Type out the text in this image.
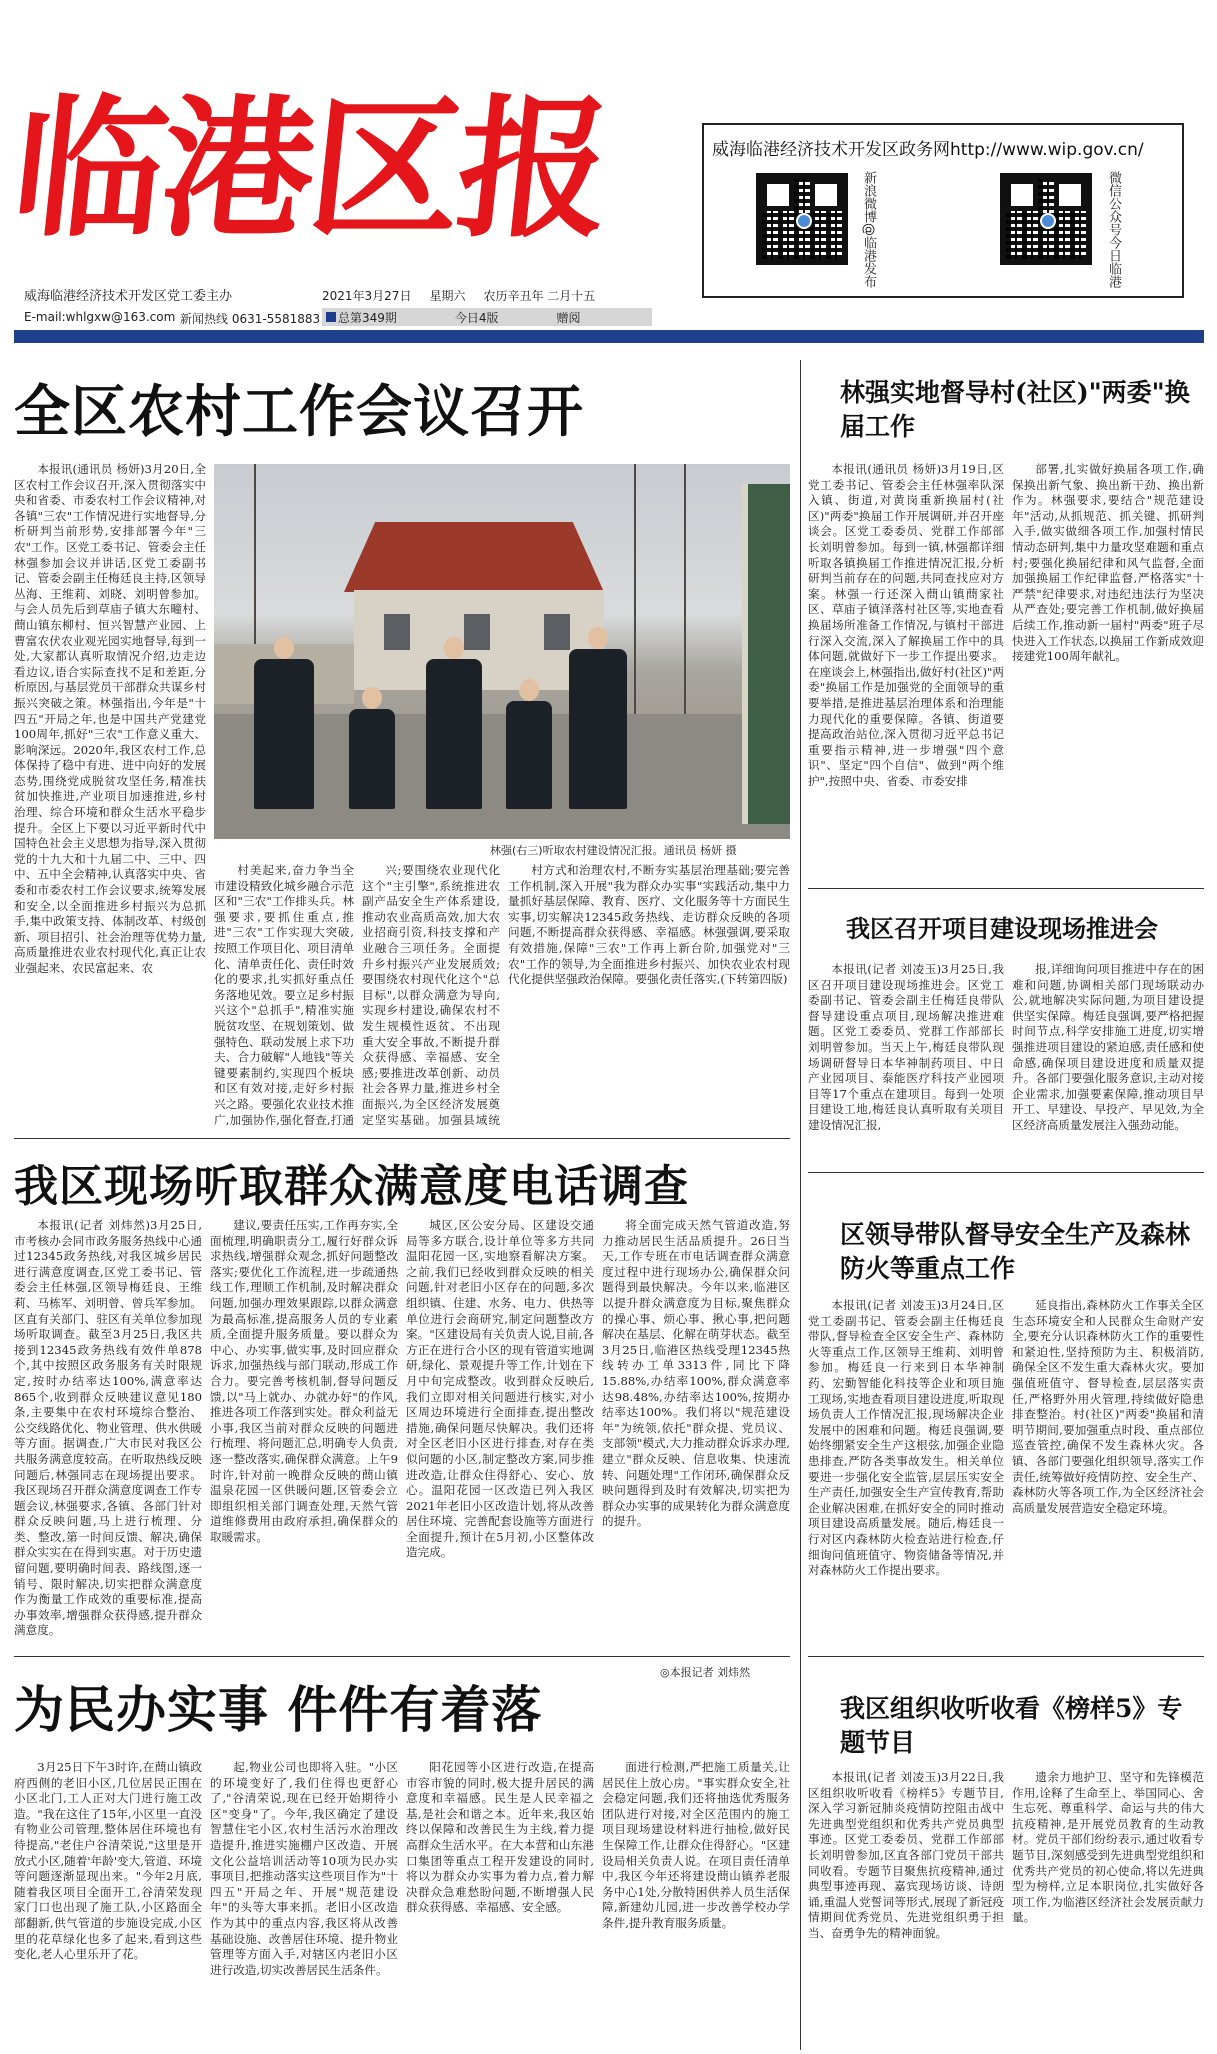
临港区报
威海临港经济技术开发区党工委主办
E-mail:whlgxw@163.com 新闻热线 0631-5581883
2021年3月27日 星期六 农历辛丑年 二月十五
总第349期	今日4版	赠阅
威海临港经济技术开发区政务网http://www.wip.gov.cn/
新浪微博@临港发布	微信公众号今日临港
全区农村工作会议召开
本报讯(通讯员 杨妍)3月20日,全区农村工作会议召开,深入贯彻落实中央和省委、市委农村工作会议精神,对各镇"三农"工作情况进行实地督导,分析研判当前形势,安排部署今年"三农"工作。区党工委书记、管委会主任林强参加会议并讲话,区党工委副书记、管委会副主任梅廷良主持,区领导丛海、王维莉、刘晓、刘明曾参加。与会人员先后到草庙子镇大东疃村、蔄山镇东柳村、恒兴智慧产业园、上曹富农伏农业观光园实地督导,每到一处,大家都认真听取情况介绍,边走边看边议,语合实际查找不足和差距,分析原因,与基层党员干部群众共谋乡村振兴突破之策。林强指出,今年是"十四五"开局之年,也是中国共产党建党100周年,抓好"三农"工作意义重大、影响深远。2020年,我区农村工作,总体保持了稳中有进、进中向好的发展态势,围绕党成脱贫攻坚任务,精准扶贫加快推进,产业项目加速推进,乡村治理、综合环境和群众生活水平稳步提升。全区上下要以习近平新时代中国特色社会主义思想为指导,深入贯彻党的十九大和十九届二中、三中、四中、五中全会精神,认真落实中央、省委和市委农村工作会议要求,统筹发展和安全,以全面推进乡村振兴为总抓手,集中政策支持、体制改革、村级创新、项目招引、社会治理等优势力量,高质量推进农业农村现代化,真正让农业强起来、农民富起来、农
林强(右三)听取农村建设情况汇报。通讯员 杨妍 摄
村美起来,奋力争当全市建设精致化城乡融合示范区和"三农"工作排头兵。林强要求,要抓住重点,推进"三农"工作实现大突破,按照工作项目化、项目清单化、清单责任化、责任时效化的要求,扎实抓好重点任务落地见效。要立足乡村振兴这个"总抓手",精准实施脱贫攻坚、在规划策划、做强特色、联动发展上求下功夫、合力破解"人地钱"等关键要素制约,实现四个板块和区有效对接,走好乡村振兴之路。要强化农业技术推广,加强协作,强化督查,打通
兴;要围绕农业现代化这个"主引擎",系统推进农副产品安全生产体系建设,推动农业高质高效,加大农业招商引资,科技支撑和产业融合三项任务。全面提升乡村振兴产业发展质效;要围绕农村现代化这个"总目标",以群众满意为导向,实现乡村建设,确保农村不发生规模性返贫、不出现重大安全事故,不断提升群众获得感、幸福感、安全感;要推进改革创新、动员社会各界力量,推进乡村全面振兴,为全区经济发展奠定坚实基础。加强县域统
村方式和治理农村,不断夯实基层治理基础;要完善工作机制,深入开展"我为群众办实事"实践活动,集中力量抓好基层保障、教育、医疗、文化服务等十方面民生实事,切实解决12345政务热线、走访群众反映的各项问题,不断提高群众获得感、幸福感。林强强调,要采取有效措施,保障"三农"工作再上新台阶,加强党对"三农"工作的领导,为全面推进乡村振兴、加快农业农村现代化提供坚强政治保障。要强化责任落实,(下转第四版)
我区现场听取群众满意度电话调查
本报讯(记者 刘炜然)3月25日,市考核办会同市政务服务热线中心通过12345政务热线,对我区城乡居民进行满意度调查,区党工委书记、管委会主任林强,区领导梅廷良、王维莉、马栋军、刘明曾、曾兵军参加。区直有关部门、驻区有关单位参加现场听取调查。截至3月25日,我区共接到12345政务热线有效件单878个,其中按照区政务服务有关时限规定,按时办结率达100%,满意率达865个,收到群众反映建议意见180条,主要集中在农村环境综合整治、公交线路优化、物业管理、供水供暖等方面。据调查,广大市民对我区公共服务满意度较高。在听取热线反映问题后,林强同志在现场提出要求。我区现场召开群众满意度调查工作专题会议,林强要求,各镇、各部门针对群众反映问题,马上进行梳理、分类、整改,第一时间反馈、解决,确保群众实实在在得到实惠。对于历史遗留问题,要明确时间表、路线图,逐一销号、限时解决,切实把群众满意度作为衡量工作成效的重要标准,提高办事效率,增强群众获得感,提升群众满意度。
建议,要责任压实,工作再夯实,全面梳理,明确职责分工,履行好群众诉求热线,增强群众观念,抓好问题整改落实;要优化工作流程,进一步疏通热线工作,理顺工作机制,及时解决群众问题,加强办理效果跟踪,以群众满意为最高标准,提高服务人员的专业素质,全面提升服务质量。要以群众为中心、办实事,做实事,及时回应群众诉求,加强热线与部门联动,形成工作合力。要完善考核机制,督导问题反馈,以"马上就办、办就办好"的作风,推进各项工作落到实处。群众利益无小事,我区当前对群众反映的问题进行梳理、将问题汇总,明确专人负责,逐一整改落实,确保群众满意。上午9时许,针对前一晚群众反映的蔄山镇温泉花园一区供暖问题,区管委会立即组织相关部门调查处理,天然气管道维修费用由政府承担,确保群众的取暖需求。
城区,区公安分局、区建设交通局等多方联合,设计单位等多方共同温阳花园一区,实地察看解决方案。之前,我们已经收到群众反映的相关问题,针对老旧小区存在的问题,多次组织镇、住建、水务、电力、供热等单位进行会商研究,制定问题整改方案。"区建设局有关负责人说,目前,各方正在进行合小区的现有管道实地调研,绿化、景观提升等工作,计划在下月中旬完成整改。收到群众反映后,我们立即对相关问题进行核实,对小区周边环境进行全面排查,提出整改措施,确保问题尽快解决。我们还将对全区老旧小区进行排查,对存在类似问题的小区,制定整改方案,同步推进改造,让群众住得舒心、安心、放心。温阳花园一区改造已列入我区2021年老旧小区改造计划,将从改善居住环境、完善配套设施等方面进行全面提升,预计在5月初,小区整体改造完成。
将全面完成天然气管道改造,努力推动居民生活品质提升。26日当天,工作专班在市电话调查群众满意度过程中进行现场办公,确保群众问题得到最快解决。今年以来,临港区以提升群众满意度为目标,聚焦群众的操心事、烦心事、揪心事,把问题解决在基层、化解在萌芽状态。截至3月25日,临港区热线受理12345热线转办工单3313件,同比下降15.88%,办结率100%,群众满意率达98.48%,办结率达100%,按期办结率达100%。我们将以"规范建设年"为统领,依托"群众提、党员议、支部领"模式,大力推动群众诉求办理,建立"群众反映、信息收集、快速流转、问题处理"工作闭环,确保群众反映问题得到及时有效解决,切实把为群众办实事的成果转化为群众满意度的提升。
为民办实事 件件有着落
◎本报记者 刘炜然
3月25日下午3时许,在蔄山镇政府西侧的老旧小区,几位居民正围在小区北门,工人正对大门进行施工改造。"我在这住了15年,小区里一直没有物业公司管理,整体居住环境也有待提高,"老住户谷清荣说,"这里是开放式小区,随着'年龄'变大,管道、环境等问题逐渐显现出来。"今年2月底,随着我区项目全面开工,谷清荣发现家门口也出现了施工队,小区路面全部翻新,供气管道的步施设完成,小区里的花草绿化也多了起来,看到这些变化,老人心里乐开了花。
起,物业公司也即将入驻。"小区的环境变好了,我们住得也更舒心了,"谷清荣说,现在已经开始期待小区"变身"了。今年,我区确定了建设智慧住宅小区,农村生活污水治理改造提升,推进实施棚户区改造、开展文化公益培训活动等10项为民办实事项目,把推动落实这些项目作为"十四五"开局之年、开展"规范建设年"的头等大事来抓。老旧小区改造作为其中的重点内容,我区将从改善基础设施、改善居住环境、提升物业管理等方面入手,对辖区内老旧小区进行改造,切实改善居民生活条件。
阳花园等小区进行改造,在提高市容市貌的同时,极大提升居民的满意度和幸福感。民生是人民幸福之基,是社会和谐之本。近年来,我区始终以保障和改善民生为主线,着力提高群众生活水平。在大本营和山东港口集团等重点工程开发建设的同时,将以为群众办实事为着力点,着力解决群众急难愁盼问题,不断增强人民群众获得感、幸福感、安全感。
面进行检测,严把施工质量关,让居民住上放心房。"事实群众安全,社会稳定问题,我们还将抽选优秀服务团队进行对接,对全区范围内的施工项目现场建设材料进行抽检,做好民生保障工作,让群众住得舒心。"区建设局相关负责人说。在项目责任清单中,我区今年还将建设蔄山镇养老服务中心1处,分散特困供养人员生活保障,新建幼儿园,进一步改善学校办学条件,提升教育服务质量。
林强实地督导村(社区)"两委"换届工作
本报讯(通讯员 杨妍)3月19日,区党工委书记、管委会主任林强率队深入镇、街道,对黄岗重新换届村(社区)"两委"换届工作开展调研,并召开座谈会。区党工委委员、党群工作部部长刘明曾参加。每到一镇,林强都详细听取各镇换届工作推进情况汇报,分析研判当前存在的问题,共同查找应对方案。林强一行还深入蔄山镇蔄家社区、草庙子镇泽落村社区等,实地查看换届场所准备工作情况,与镇村干部进行深入交流,深入了解换届工作中的具体问题,就做好下一步工作提出要求。在座谈会上,林强指出,做好村(社区)"两委"换届工作是加强党的全面领导的重要举措,是推进基层治理体系和治理能力现代化的重要保障。各镇、街道要提高政治站位,深入贯彻习近平总书记重要指示精神,进一步增强"四个意识"、坚定"四个自信"、做到"两个维护",按照中央、省委、市委安排
部署,扎实做好换届各项工作,确保换出新气象、换出新干劲、换出新作为。林强要求,要结合"规范建设年"活动,从抓规范、抓关键、抓研判入手,做实做细各项工作,加强村情民情动态研判,集中力量攻坚难题和重点村;要强化换届纪律和风气监督,全面加强换届工作纪律监督,严格落实"十严禁"纪律要求,对违纪违法行为坚决从严查处;要完善工作机制,做好换届后续工作,推动新一届村"两委"班子尽快进入工作状态,以换届工作新成效迎接建党100周年献礼。
我区召开项目建设现场推进会
本报讯(记者 刘凌玉)3月25日,我区召开项目建设现场推进会。区党工委副书记、管委会副主任梅廷良带队督导建设重点项目,现场解决推进难题。区党工委委员、党群工作部部长刘明曾参加。当天上午,梅廷良带队现场调研督导日本华神制药项目、中日产业园项目、泰能医疗科技产业园项目等17个重点在建项目。每到一处项目建设工地,梅廷良认真听取有关项目建设情况汇报,
报,详细询问项目推进中存在的困难和问题,协调相关部门现场联动办公,就地解决实际问题,为项目建设提供坚实保障。梅廷良强调,要严格把握时间节点,科学安排施工进度,切实增强推进项目建设的紧迫感,责任感和使命感,确保项目建设进度和质量双提升。各部门要强化服务意识,主动对接企业需求,加强要素保障,推动项目早开工、早建设、早投产、早见效,为全区经济高质量发展注入强劲动能。
区领导带队督导安全生产及森林防火等重点工作
本报讯(记者 刘凌玉)3月24日,区党工委副书记、管委会副主任梅廷良带队,督导检查全区安全生产、森林防火等重点工作,区领导王维莉、刘明曾参加。梅廷良一行来到日本华神制药、宏勤智能化科技等企业和项目施工现场,实地查看项目建设进度,听取现场负责人工作情况汇报,现场解决企业发展中的困难和问题。梅廷良强调,要始终绷紧安全生产这根弦,加强企业隐患排查,严防各类事故发生。相关单位要进一步强化安全监管,层层压实安全生产责任,加强安全生产宣传教育,帮助企业解决困难,在抓好安全的同时推动项目建设高质量发展。随后,梅廷良一行对区内森林防火检查站进行检查,仔细询问值班值守、物资储备等情况,并对森林防火工作提出要求。
延良指出,森林防火工作事关全区生态环境安全和人民群众生命财产安全,要充分认识森林防火工作的重要性和紧迫性,坚持预防为主、积极消防,确保全区不发生重大森林火灾。要加强值班值守、督导检查,层层落实责任,严格野外用火管理,持续做好隐患排查整治。村(社区)"两委"换届和清明节期间,要加强重点时段、重点部位巡查管控,确保不发生森林火灾。各镇、各部门要强化组织领导,落实工作责任,统筹做好疫情防控、安全生产、森林防火等各项工作,为全区经济社会高质量发展营造安全稳定环境。
我区组织收听收看《榜样5》专题节目
本报讯(记者 刘凌玉)3月22日,我区组织收听收看《榜样5》专题节目,深入学习新冠肺炎疫情防控阻击战中先进典型党组织和优秀共产党员典型事迹。区党工委委员、党群工作部部长刘明曾参加,区直各部门党员干部共同收看。专题节目聚焦抗疫精神,通过典型事迹再现、嘉宾现场访谈、诗朗诵,重温人党誓词等形式,展现了新冠疫情期间优秀党员、先进党组织勇于担当、奋勇争先的精神面貌。
遗余力地护卫、坚守和先锋模范作用,诠释了生命至上、举国同心、舍生忘死、尊重科学、命运与共的伟大抗疫精神,是开展党员教育的生动教材。党员干部们纷纷表示,通过收看专题节目,深刻感受到先进典型党组织和优秀共产党员的初心使命,将以先进典型为榜样,立足本职岗位,扎实做好各项工作,为临港区经济社会发展贡献力量。
